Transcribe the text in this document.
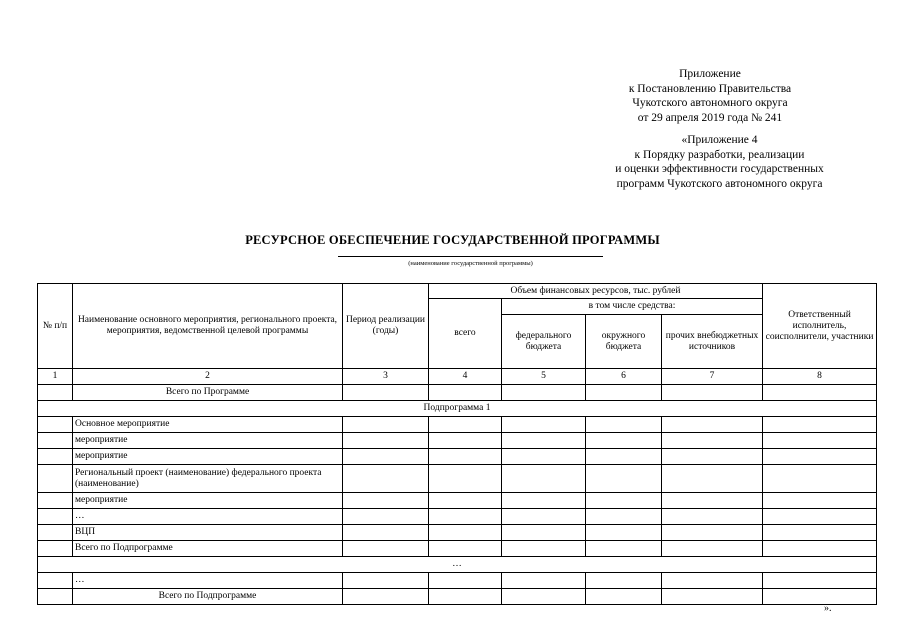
Приложение
к Постановлению Правительства
Чукотского автономного округа
от 29 апреля 2019 года № 241
«Приложение 4
к Порядку разработки, реализации
и оценки эффективности государственных
программ Чукотского автономного округа
РЕСУРСНОЕ ОБЕСПЕЧЕНИЕ ГОСУДАРСТВЕННОЙ ПРОГРАММЫ
(наименование государственной программы)
№ п/п	Наименование основного мероприятия, регионального проекта, мероприятия, ведомственной целевой программы	Период реализации (годы)	Объем финансовых ресурсов, тыс. рублей				Ответственный исполнитель, соисполнители, участники
			всего	в том числе средства:			
				федерального бюджета	окружного бюджета	прочих внебюджетных источников	
1	2	3	4	5	6	7	8
	Всего по Программе						
Подпрограмма 1							
	Основное мероприятие						
	мероприятие						
	мероприятие						
	Региональный проект (наименование) федерального проекта (наименование)						
	мероприятие						
	…						
	ВЦП						
	Всего по Подпрограмме						
…							
	…						
	Всего по Подпрограмме						
».
